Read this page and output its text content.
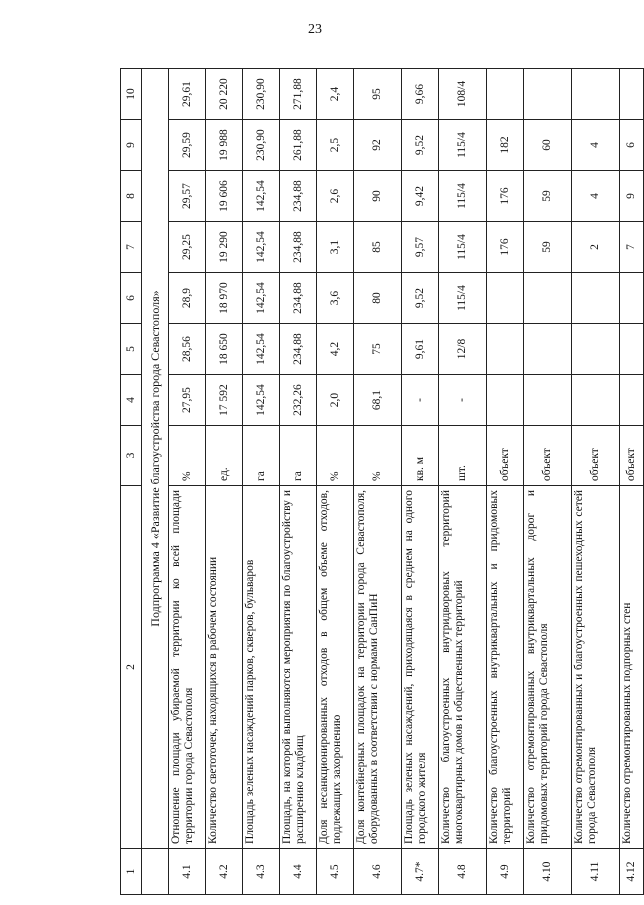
23
1	2	3	4	5	6	7	8	9	10
	Подпрограмма 4 «Развитие благоустройства города Севастополя»								
4.1	Отношение площади убираемой территории ко всей площади территории города Севастополя	%	27,95	28,56	28,9	29,25	29,57	29,59	29,61
4.2	Количество светоточек, находящихся в рабочем состоянии	ед.	17 592	18 650	18 970	19 290	19 606	19 988	20 220
4.3	Площадь зеленых насаждений парков, скверов, бульваров	га	142,54	142,54	142,54	142,54	142,54	230,90	230,90
4.4	Площадь, на которой выполняются мероприятия по благоустройству и расширению кладбищ	га	232,26	234,88	234,88	234,88	234,88	261,88	271,88
4.5	Доля несанкционированных отходов в общем объеме отходов, подлежащих захоронению	%	2,0	4,2	3,6	3,1	2,6	2,5	2,4
4.6	Доля контейнерных площадок на территории города Севастополя, оборудованных в соответствии с нормами СанПиН	%	68,1	75	80	85	90	92	95
4.7*	Площадь зеленых насаждений, приходящаяся в среднем на одного городского жителя	кв. м	-	9,61	9,52	9,57	9,42	9,52	9,66
4.8	Количество благоустроенных внутридворовых территорий многоквартирных домов и общественных территорий	шт.	-	12/8	115/4	115/4	115/4	115/4	108/4
4.9	Количество благоустроенных внутриквартальных и придомовых территорий	объект				176	176	182	
4.10	Количество отремонтированных внутриквартальных дорог и придомовых территорий города Севастополя	объект				59	59	60	
4.11	Количество отремонтированных и благоустроенных пешеходных сетей города Севастополя	объект				2	4	4	
4.12	Количество отремонтированных подпорных стен	объект				7	9	6	
